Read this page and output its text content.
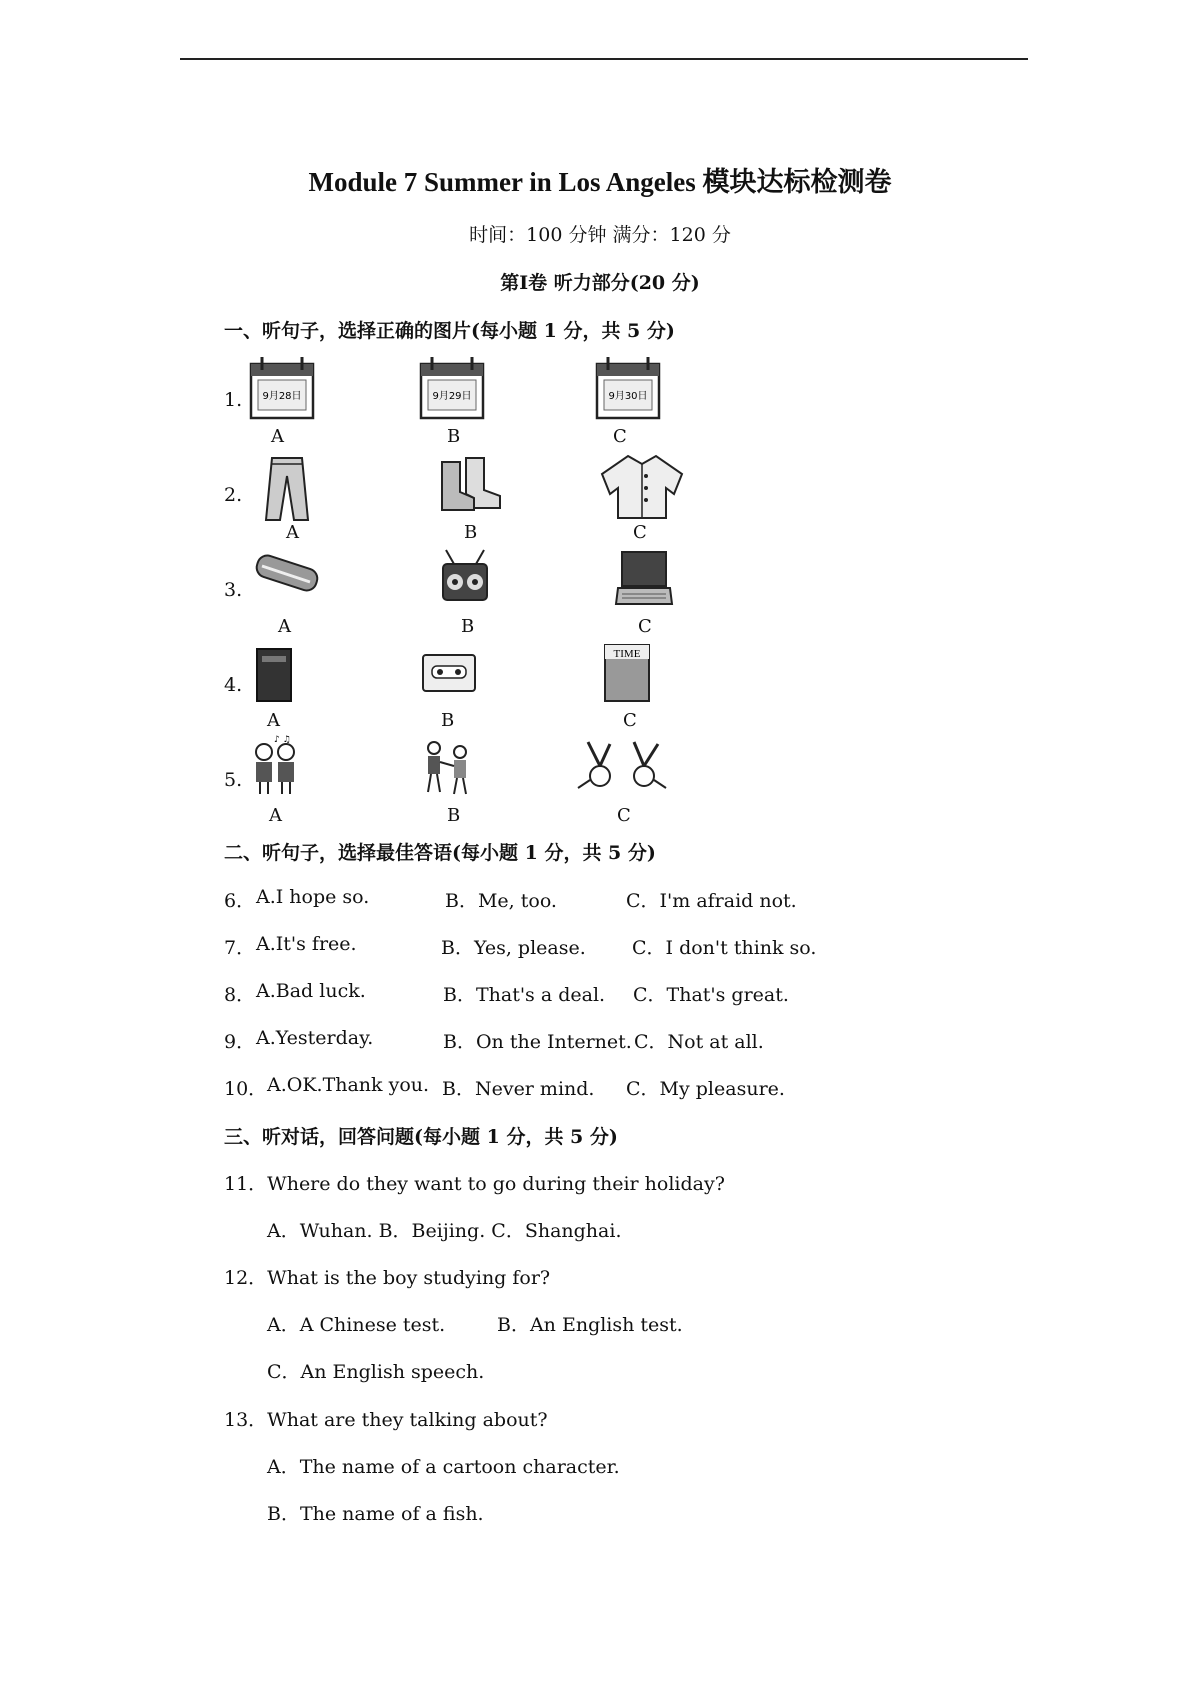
Module 7 Summer in Los Angeles 模块达标检测卷
时间：100 分钟 满分：120 分
第Ⅰ卷 听力部分(20 分)
一、听句子，选择正确的图片(每小题 1 分，共 5 分)
1. 9月28日
A
9月29日
B
9月30日
C
2.
A	B	C
3.
A	B	C
4.
A	B
TIME
C
5.
♪ ♫
A	B	C
二、听句子，选择最佳答语(每小题 1 分，共 5 分)
6． A.I hope so.	B．Me, too.	C．I'm afraid not.
7． A.It's free.	B．Yes, please. C．I don't think so.
8． A.Bad luck.	B．That's a deal. C．That's great.
9． A.Yesterday.	B．On the Internet. C．Not at all.
10． A.OK.Thank you. B．Never mind. C．My pleasure.
三、听对话，回答问题(每小题 1 分，共 5 分)
11．Where do they want to go during their holiday?
A．Wuhan. B．Beijing. C．Shanghai.
12．What is the boy studying for?
A．A Chinese test.	B．An English test.
C．An English speech.
13．What are they talking about?
A．The name of a cartoon character.
B．The name of a fish.
